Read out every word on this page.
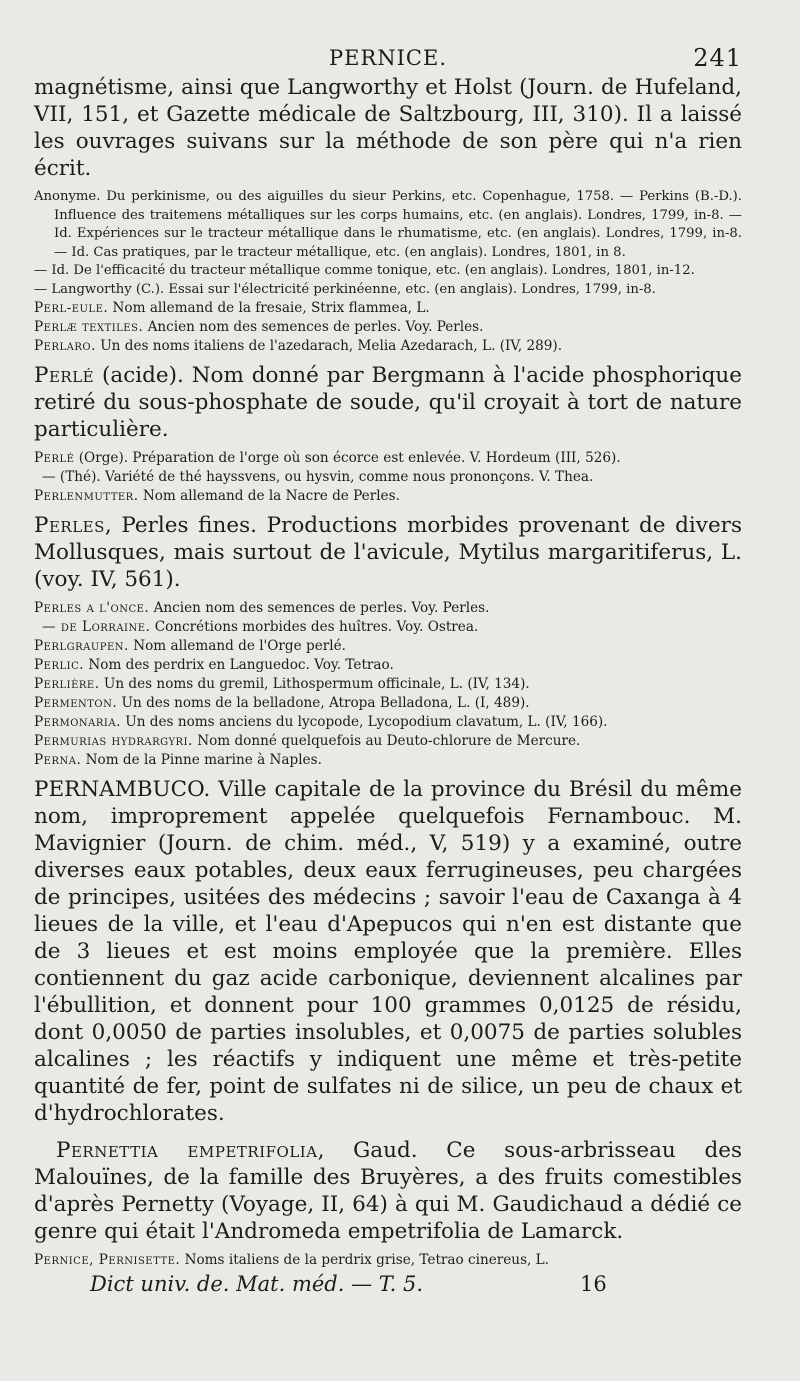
PERNICE.	241

magnétisme, ainsi que Langworthy et Holst (Journ. de Hufeland, VII, 151, et Gazette médicale de Saltzbourg, III, 310). Il a laissé les ouvrages suivans sur la méthode de son père qui n'a rien écrit.

Anonyme. Du perkinisme, ou des aiguilles du sieur Perkins, etc. Copenhague, 1758. — Perkins (B.-D.). Influence des traitemens métalliques sur les corps humains, etc. (en anglais). Londres, 1799, in-8. — Id. Expériences sur le tracteur métallique dans le rhumatisme, etc. (en anglais). Londres, 1799, in-8. — Id. Cas pratiques, par le tracteur métallique, etc. (en anglais). Londres, 1801, in 8.

— Id. De l'efficacité du tracteur métallique comme tonique, etc. (en anglais). Londres, 1801, in-12.

— Langworthy (C.). Essai sur l'électricité perkinéenne, etc. (en anglais). Londres, 1799, in-8.

Perl-eule. Nom allemand de la fresaie, Strix flammea, L.

Perlæ textiles. Ancien nom des semences de perles. Voy. Perles.

Perlaro. Un des noms italiens de l'azedarach, Melia Azedarach, L. (IV, 289).

Perlé (acide). Nom donné par Bergmann à l'acide phosphorique retiré du sous-phosphate de soude, qu'il croyait à tort de nature particulière.

Perlé (Orge). Préparation de l'orge où son écorce est enlevée. V. Hordeum (III, 526).

— (Thé). Variété de thé hayssvens, ou hysvin, comme nous prononçons. V. Thea.

Perlenmutter. Nom allemand de la Nacre de Perles.

Perles, Perles fines. Productions morbides provenant de divers Mollusques, mais surtout de l'avicule, Mytilus margaritiferus, L. (voy. IV, 561).

Perles a l'once. Ancien nom des semences de perles. Voy. Perles.

— de Lorraine. Concrétions morbides des huîtres. Voy. Ostrea.

Perlgraupen. Nom allemand de l'Orge perlé.

Perlic. Nom des perdrix en Languedoc. Voy. Tetrao.

Perlière. Un des noms du gremil, Lithospermum officinale, L. (IV, 134).

Permenton. Un des noms de la belladone, Atropa Belladona, L. (I, 489).

Permonaria. Un des noms anciens du lycopode, Lycopodium clavatum, L. (IV, 166).

Permurias hydrargyri. Nom donné quelquefois au Deuto-chlorure de Mercure.

Perna. Nom de la Pinne marine à Naples.

PERNAMBUCO. Ville capitale de la province du Brésil du même nom, improprement appelée quelquefois Fernambouc. M. Mavignier (Journ. de chim. méd., V, 519) y a examiné, outre diverses eaux potables, deux eaux ferrugineuses, peu chargées de principes, usitées des médecins ; savoir l'eau de Caxanga à 4 lieues de la ville, et l'eau d'Apepucos qui n'en est distante que de 3 lieues et est moins employée que la première. Elles contiennent du gaz acide carbonique, deviennent alcalines par l'ébullition, et donnent pour 100 grammes 0,0125 de résidu, dont 0,0050 de parties insolubles, et 0,0075 de parties solubles alcalines ; les réactifs y indiquent une même et très-petite quantité de fer, point de sulfates ni de silice, un peu de chaux et d'hydrochlorates.

Pernettia empetrifolia, Gaud. Ce sous-arbrisseau des Malouïnes, de la famille des Bruyères, a des fruits comestibles d'après Pernetty (Voyage, II, 64) à qui M. Gaudichaud a dédié ce genre qui était l'Andromeda empetrifolia de Lamarck.

Pernice, Pernisette. Noms italiens de la perdrix grise, Tetrao cinereus, L.

Dict univ. de. Mat. méd. — T. 5.	16
